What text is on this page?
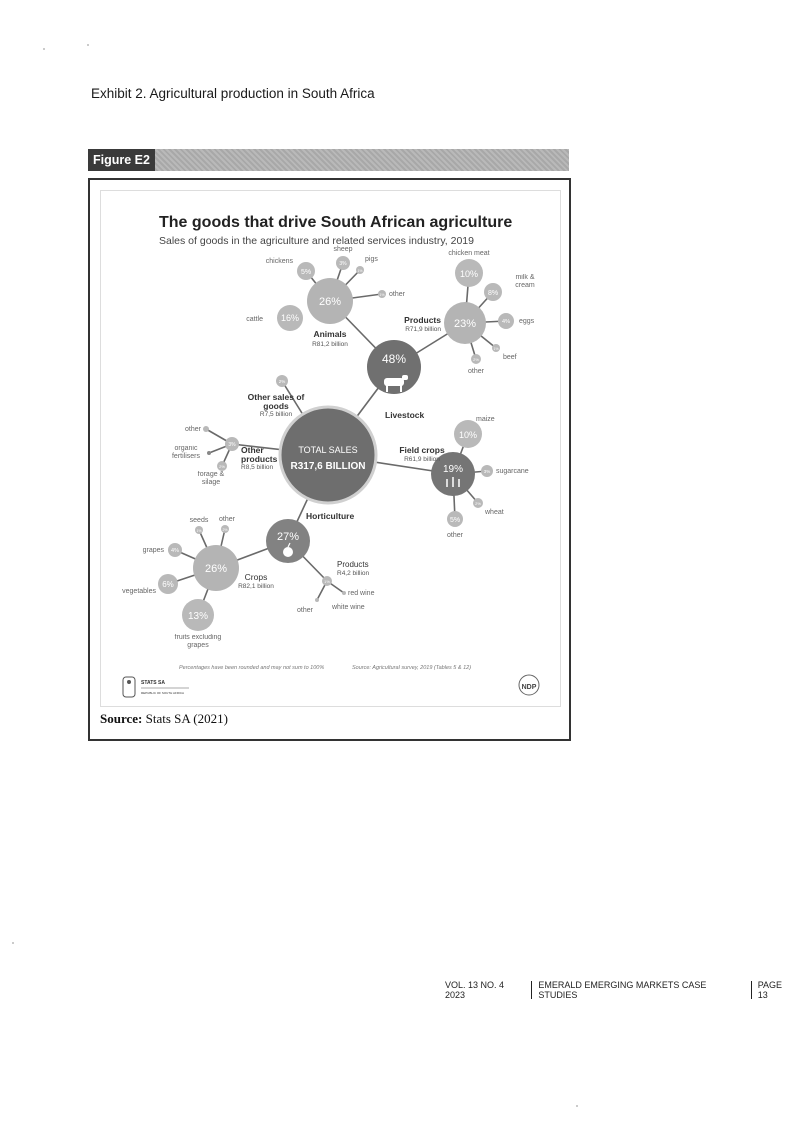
Exhibit 2. Agricultural production in South Africa
Figure E2
The goods that drive South African agriculture
Sales of goods in the agriculture and related services industry, 2019
TOTAL SALES
R317,6 BILLION
48%
Livestock
26%
Animals
R81,2 billion
16%
cattle
5%
chickens	3%
sheep
1%
pigs
1% other
23%
Products
R71,9 billion
10%
chicken meat
8%
milk & cream
4% eggs
1%
beef
2%
other
2%
Other sales of goods
R7,5 billion
3% Other products
R8,5 billion
other
organic fertilisers
2%
forage & silage
19%
Field crops
R61,9 billion
10%
maize
3% sugarcane
2%
wheat
5%
other
27%
Horticulture
26%
Crops
R82,1 billion
4%
grapes
6%
vegetables
13%
fruits excluding grapes
1%
seeds
2%
other
1%
Products
R4,2 billion
red wine
white wine
other
Percentages have been rounded and may not sum to 100%	Source: Agricultural survey, 2019 (Tables 5 & 12)
STATS SA
REPUBLIC OF SOUTH AFRICA
NDP
Source: Stats SA (2021)
VOL. 13 NO. 4 2023
EMERALD EMERGING MARKETS CASE STUDIES
PAGE 13
